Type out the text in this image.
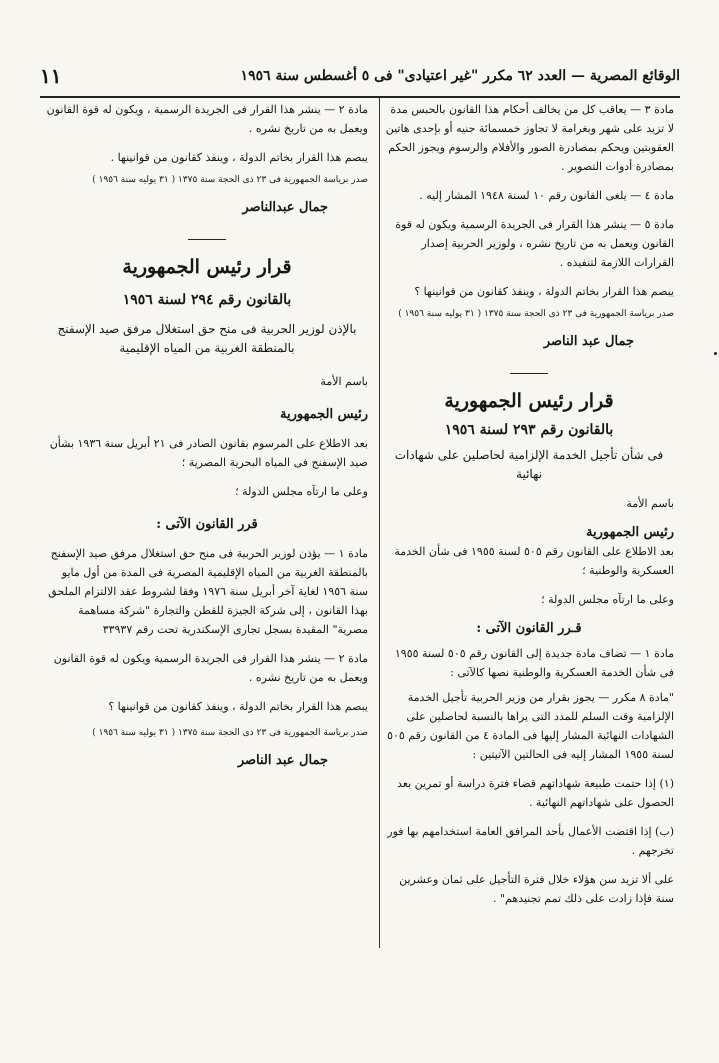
١١	الوقائع المصرية — العدد ٦٢ مكرر "غير اعتيادى" فى ٥ أغسطس سنة ١٩٥٦

مادة ٣ — يعاقب كل من يخالف أحكام هذا القانون بالحبس مدة لا تزيد على شهر وبغرامة لا تجاوز خمسمائة جنيه أو بإحدى هاتين العقوبتين ويحكم بمصادرة الصور والأفلام والرسوم ويجوز الحكم بمصادرة أدوات التصوير .

مادة ٤ — يلغى القانون رقم ١٠ لسنة ١٩٤٨ المشار إليه .

مادة ٥ — ينشر هذا القرار فى الجريدة الرسمية ويكون له قوة القانون ويعمل به من تاريخ نشره ، ولوزير الحربية إصدار القرارات اللازمة لتنفيذه .

يبصم هذا القرار بخاتم الدولة ، وينفذ كقانون من قوانينها ؟

صدر برياسة الجمهورية فى ٢٣ ذى الحجة سنة ١٣٧٥ ( ٣١ يوليه سنة ١٩٥٦ )

جمال عبد الناصر

قرار رئيس الجمهورية

بالقانون رقم ٢٩٣ لسنة ١٩٥٦

فى شأن تأجيل الخدمة الإلزامية لحاصلين على شهادات نهائية

باسم الأمة

رئيس الجمهورية

بعد الاطلاع على القانون رقم ٥٠٥ لسنة ١٩٥٥ فى شأن الخدمة العسكرية والوطنية ؛

وعلى ما ارتآه مجلس الدولة ؛

قـرر القانون الآتى :

مادة ١ — تضاف مادة جديدة إلى القانون رقم ٥٠٥ لسنة ١٩٥٥ فى شأن الخدمة العسكرية والوطنية نصها كالآتى :

"مادة ٨ مكرر — يجوز بقرار من وزير الحربية تأجيل الخدمة الإلزامية وقت السلم للمدد التى يراها بالنسبة لحاصلين على الشهادات النهائية المشار إليها فى المادة ٤ من القانون رقم ٥٠٥ لسنة ١٩٥٥ المشار إليه فى الحالتين الآتيتين :

(١) إذا حتمت طبيعة شهاداتهم قضاء فترة دراسة أو تمرين بعد الحصول على شهاداتهم النهائية .

(ب) إذا اقتضت الأعمال بأحد المرافق العامة استخدامهم بها فور تخرجهم .

على ألا تزيد سن هؤلاء خلال فترة التأجيل على ثمان وعشرين سنة فإذا زادت على ذلك تمم تجنيدهم" .

مادة ٢ — ينشر هذا القرار فى الجريدة الرسمية ، ويكون له قوة القانون ويعمل به من تاريخ نشره .

يبصم هذا القرار بخاتم الدولة ، وينفذ كقانون من قوانينها .

صدر برياسة الجمهورية فى ٢٣ ذى الحجة سنة ١٣٧٥ ( ٣١ يوليه سنة ١٩٥٦ )

جمال عبدالناصر

قرار رئيس الجمهورية

بالقانون رقم ٢٩٤ لسنة ١٩٥٦

بالإذن لوزير الحربية فى منح حق استغلال مرفق صيد الإسفنج بالمنطقة الغربية من المياه الإقليمية

باسم الأمة

رئيس الجمهورية

بعد الاطلاع على المرسوم بقانون الصادر فى ٢١ أبريل سنة ١٩٣٦ بشأن صيد الإسفنج فى المياه البحرية المصرية ؛

وعلى ما ارتآه مجلس الدولة ؛

قرر القانون الآتى :

مادة ١ — يؤذن لوزير الحربية فى منح حق استغلال مرفق صيد الإسفنج بالمنطقة الغربية من المياه الإقليمية المصرية فى المدة من أول مايو سنة ١٩٥٦ لغاية آخر أبريل سنة ١٩٧٦ وفقا لشروط عقد الالتزام الملحق بهذا القانون ، إلى شركة الجيزة للقطن والتجارة "شركة مساهمة مصرية" المقيدة بسجل تجارى الإسكندرية تحت رقم ٣٣٩٣٧

مادة ٢ — ينشر هذا القرار فى الجريدة الرسمية ويكون له قوة القانون ويعمل به من تاريخ نشره .

يبصم هذا القرار بخاتم الدولة ، وينفذ كقانون من قوانينها ؟

صدر برياسة الجمهورية فى ٢٣ ذى الحجة سنة ١٣٧٥ ( ٣١ يوليه سنة ١٩٥٦ )

جمال عبد الناصر
